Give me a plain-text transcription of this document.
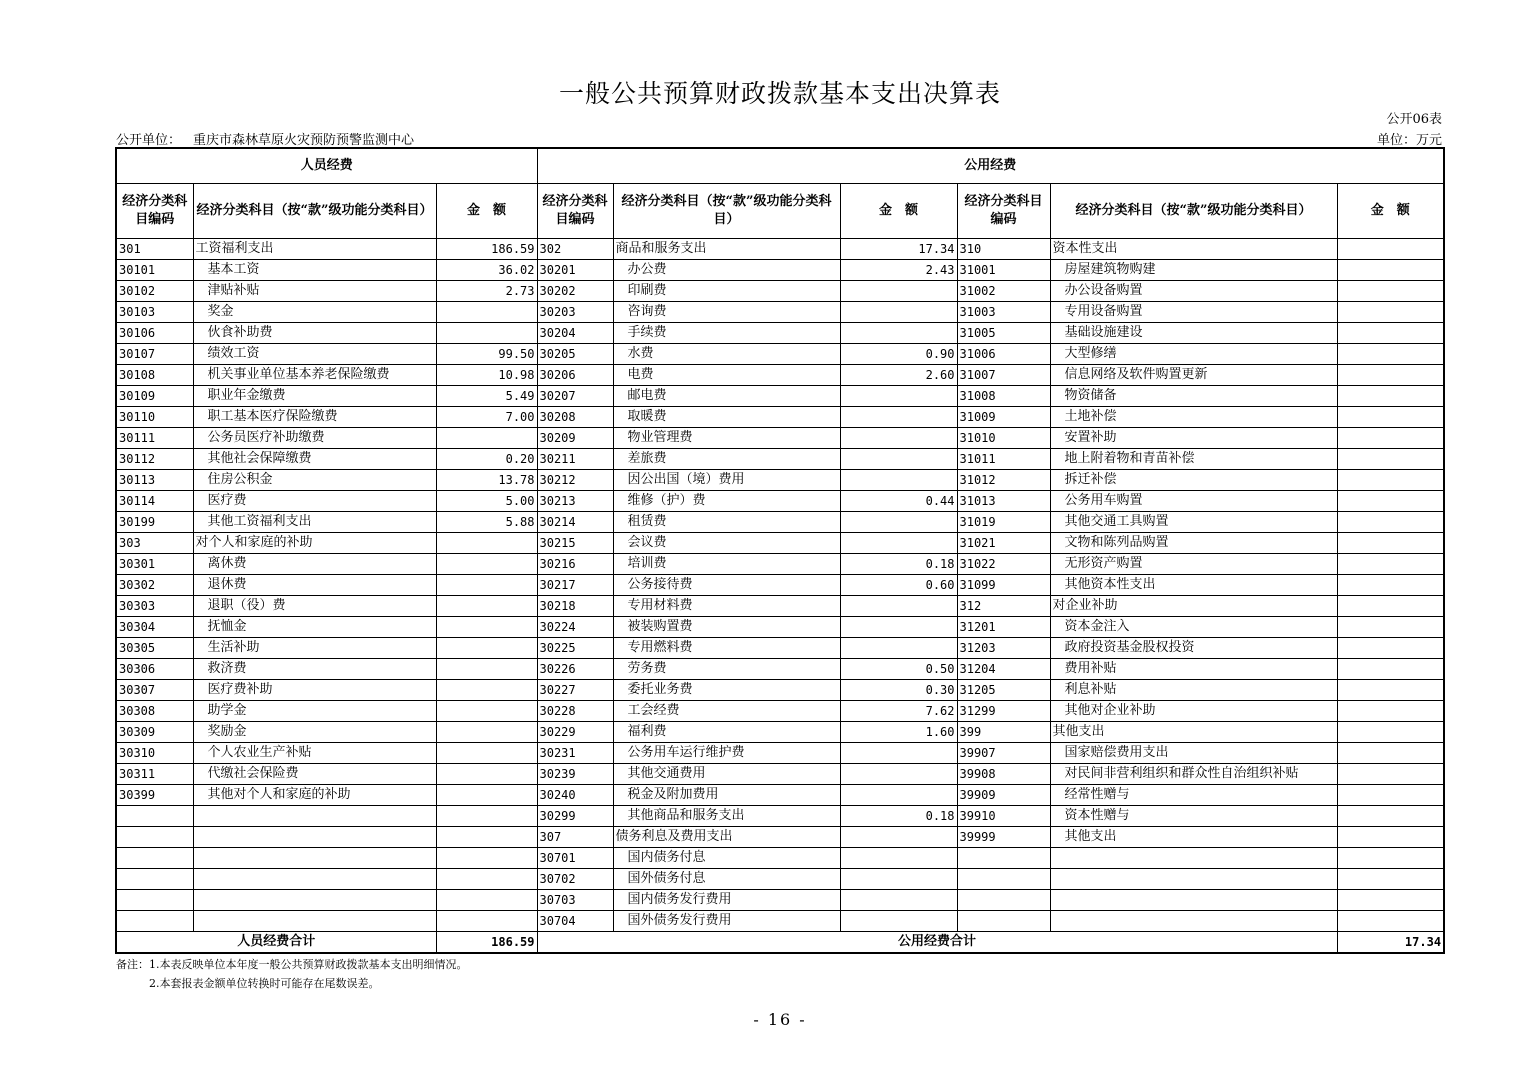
一般公共预算财政拨款基本支出决算表
公开06表
公开单位： 重庆市森林草原火灾预防预警监测中心	单位：万元
人员经费			公用经费					
经济分类科目编码	经济分类科目（按“款”级功能分类科目）	金　额	经济分类科目编码	经济分类科目（按“款”级功能分类科目）	金　额	经济分类科目编码	经济分类科目（按“款”级功能分类科目）	金　额
301	工资福利支出	186.59	302	商品和服务支出	17.34	310	资本性支出	
30101	基本工资	36.02	30201	办公费	2.43	31001	房屋建筑物购建	
30102	津贴补贴	2.73	30202	印刷费		31002	办公设备购置	
30103	奖金		30203	咨询费		31003	专用设备购置	
30106	伙食补助费		30204	手续费		31005	基础设施建设	
30107	绩效工资	99.50	30205	水费	0.90	31006	大型修缮	
30108	机关事业单位基本养老保险缴费	10.98	30206	电费	2.60	31007	信息网络及软件购置更新	
30109	职业年金缴费	5.49	30207	邮电费		31008	物资储备	
30110	职工基本医疗保险缴费	7.00	30208	取暖费		31009	土地补偿	
30111	公务员医疗补助缴费		30209	物业管理费		31010	安置补助	
30112	其他社会保障缴费	0.20	30211	差旅费		31011	地上附着物和青苗补偿	
30113	住房公积金	13.78	30212	因公出国（境）费用		31012	拆迁补偿	
30114	医疗费	5.00	30213	维修（护）费	0.44	31013	公务用车购置	
30199	其他工资福利支出	5.88	30214	租赁费		31019	其他交通工具购置	
303	对个人和家庭的补助		30215	会议费		31021	文物和陈列品购置	
30301	离休费		30216	培训费	0.18	31022	无形资产购置	
30302	退休费		30217	公务接待费	0.60	31099	其他资本性支出	
30303	退职（役）费		30218	专用材料费		312	对企业补助	
30304	抚恤金		30224	被装购置费		31201	资本金注入	
30305	生活补助		30225	专用燃料费		31203	政府投资基金股权投资	
30306	救济费		30226	劳务费	0.50	31204	费用补贴	
30307	医疗费补助		30227	委托业务费	0.30	31205	利息补贴	
30308	助学金		30228	工会经费	7.62	31299	其他对企业补助	
30309	奖励金		30229	福利费	1.60	399	其他支出	
30310	个人农业生产补贴		30231	公务用车运行维护费		39907	国家赔偿费用支出	
30311	代缴社会保险费		30239	其他交通费用		39908	对民间非营利组织和群众性自治组织补贴	
30399	其他对个人和家庭的补助		30240	税金及附加费用		39909	经常性赠与	
			30299	其他商品和服务支出	0.18	39910	资本性赠与	
			307	债务利息及费用支出		39999	其他支出	
			30701	国内债务付息				
			30702	国外债务付息				
			30703	国内债务发行费用				
			30704	国外债务发行费用				
人员经费合计		186.59	公用经费合计					17.34
备注：1.本表反映单位本年度一般公共预算财政拨款基本支出明细情况。
2.本套报表金额单位转换时可能存在尾数误差。
- 16 -
